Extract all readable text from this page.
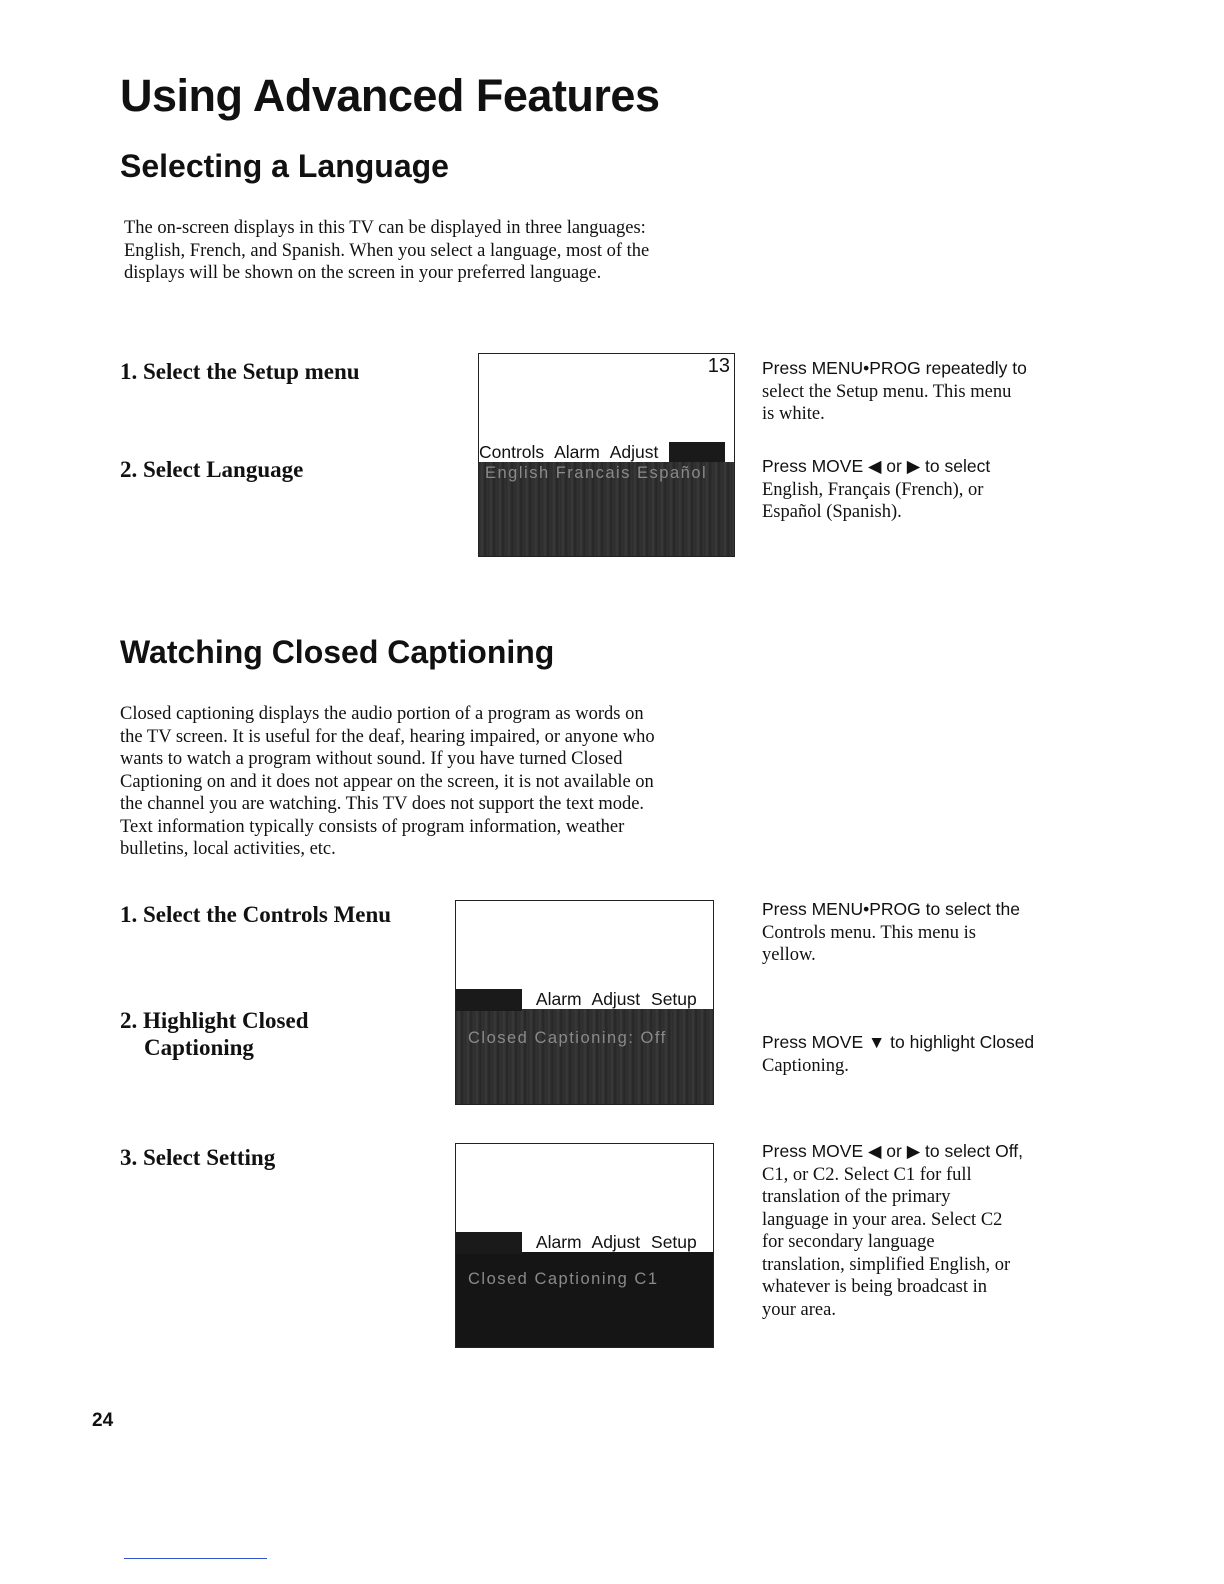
Using Advanced Features
Selecting a Language

The on-screen displays in this TV can be displayed in three languages:

English, French, and Spanish. When you select a language, most of the

displays will be shown on the screen in your preferred language.

1. Select the Setup menu
2. Select Language
13
Controls Alarm Adjust
English Francais Español

Press MENU•PROG repeatedly to

select the Setup menu. This menu

is white.

Press MOVE ◀ or ▶ to select

English, Français (French), or

Español (Spanish).

Watching Closed Captioning

Closed captioning displays the audio portion of a program as words on

the TV screen. It is useful for the deaf, hearing impaired, or anyone who

wants to watch a program without sound. If you have turned Closed

Captioning on and it does not appear on the screen, it is not available on

the channel you are watching. This TV does not support the text mode.

Text information typically consists of program information, weather

bulletins, local activities, etc.

1. Select the Controls Menu
2. Highlight Closed
Captioning
3. Select Setting
Alarm Adjust Setup
Closed Captioning: Off

Press MENU•PROG to select the

Controls menu. This menu is

yellow.

Press MOVE ▼ to highlight Closed

Captioning.

Alarm Adjust Setup
Closed Captioning C1

Press MOVE ◀ or ▶ to select Off,

C1, or C2. Select C1 for full

translation of the primary

language in your area. Select C2

for secondary language

translation, simplified English, or

whatever is being broadcast in

your area.

24
